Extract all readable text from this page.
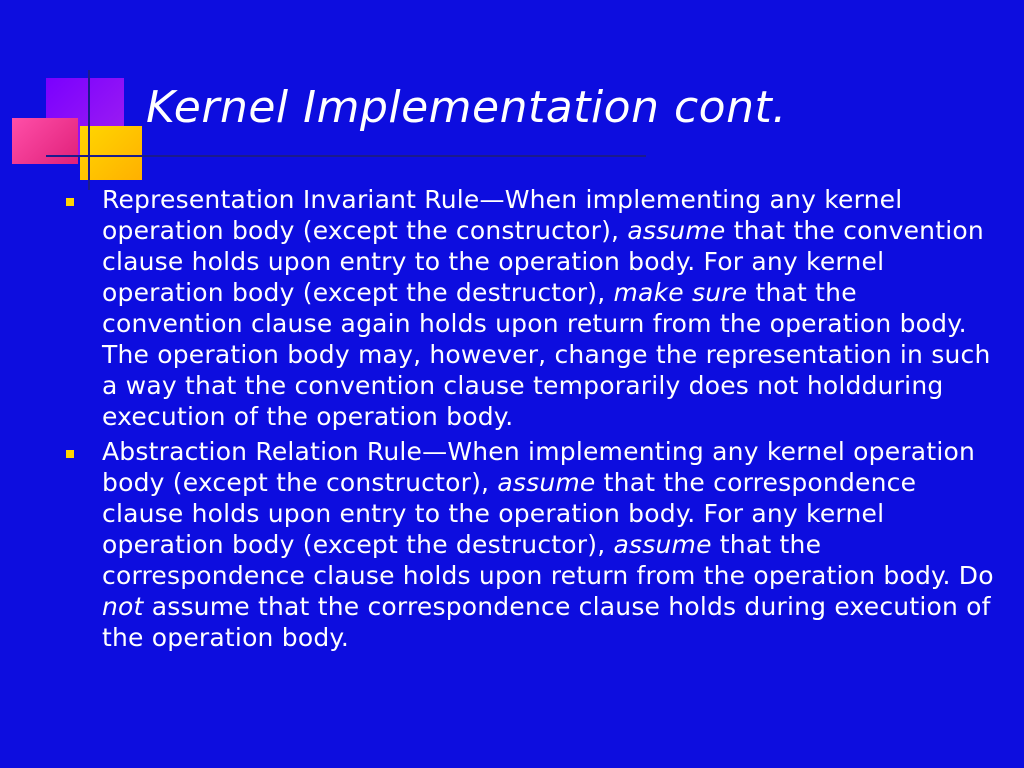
Kernel Implementation cont.
Representation Invariant Rule—When implementing any kernel operation body (except the constructor), assume that the convention clause holds upon entry to the operation body. For any kernel operation body (except the destructor), make sure that the convention clause again holds upon return from the operation body. The operation body may, however, change the representation in such a way that the convention clause temporarily does not holdduring execution of the operation body.
Abstraction Relation Rule—When implementing any kernel operation body (except the constructor), assume that the correspondence clause holds upon entry to the operation body. For any kernel operation body (except the destructor), assume that the correspondence clause holds upon return from the operation body. Do not assume that the correspondence clause holds during execution of the operation body.
